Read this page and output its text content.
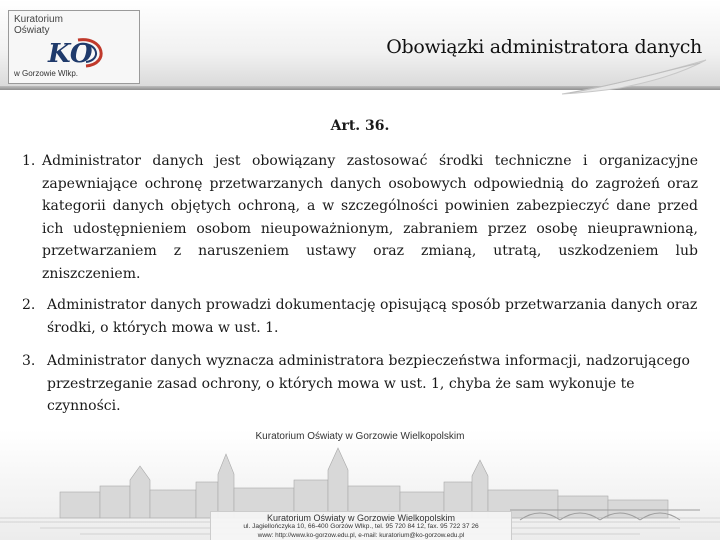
Kuratorium
Oświaty
KO
w Gorzowie Wlkp.
Obowiązki administratora danych
Art. 36.
1. Administrator danych jest obowiązany zastosować środki techniczne i organizacyjne zapewniające ochronę przetwarzanych danych osobowych odpowiednią do zagrożeń oraz kategorii danych objętych ochroną, a w szczególności powinien zabezpieczyć dane przed ich udostępnieniem osobom nieupoważnionym, zabraniem przez osobę nieuprawnioną, przetwarzaniem z naruszeniem ustawy oraz zmianą, utratą, uszkodzeniem lub zniszczeniem.
2. Administrator danych prowadzi dokumentację opisującą sposób przetwarzania danych oraz środki, o których mowa w ust. 1.
3. Administrator danych wyznacza administratora bezpieczeństwa informacji, nadzorującego przestrzeganie zasad ochrony, o których mowa w ust. 1, chyba że sam wykonuje te czynności.
Kuratorium Oświaty w Gorzowie Wielkopolskim
Kuratorium Oświaty w Gorzowie Wielkopolskim
ul. Jagiellończyka 10, 66-400 Gorzów Wlkp., tel. 95 720 84 12, fax. 95 722 37 26
www: http://www.ko-gorzow.edu.pl, e-mail: kuratorium@ko-gorzow.edu.pl
